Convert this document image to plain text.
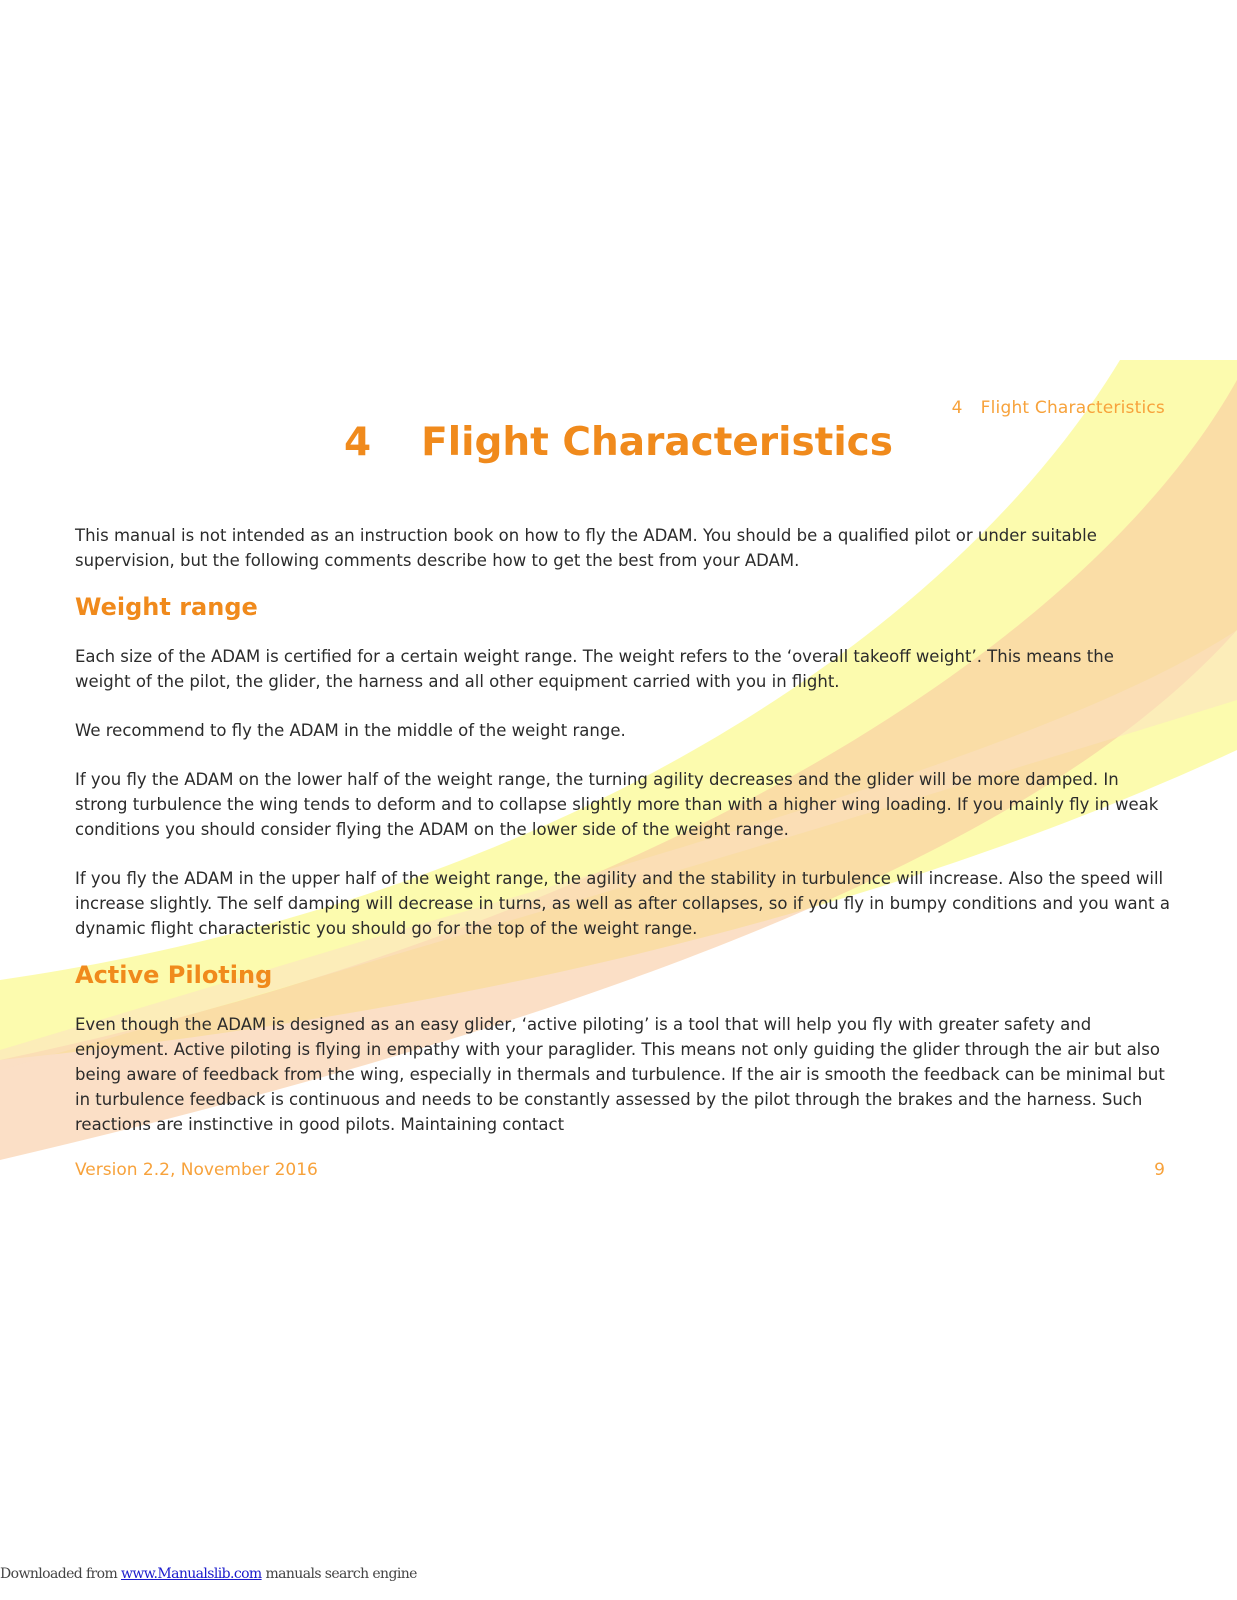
4 Flight Characteristics
4 Flight Characteristics

This manual is not intended as an instruction book on how to fly the ADAM. You should be a qualified pilot or under suitable supervision, but the following comments describe how to get the best from your ADAM.

Weight range

Each size of the ADAM is certified for a certain weight range. The weight refers to the ‘overall takeoff weight’. This means the weight of the pilot, the glider, the harness and all other equipment carried with you in flight.

We recommend to fly the ADAM in the middle of the weight range.

If you fly the ADAM on the lower half of the weight range, the turning agility decreases and the glider will be more damped. In strong turbulence the wing tends to deform and to collapse slightly more than with a higher wing loading. If you mainly fly in weak conditions you should consider flying the ADAM on the lower side of the weight range.

If you fly the ADAM in the upper half of the weight range, the agility and the stability in turbulence will increase. Also the speed will increase slightly. The self damping will decrease in turns, as well as after collapses, so if you fly in bumpy conditions and you want a dynamic flight characteristic you should go for the top of the weight range.

Active Piloting

Even though the ADAM is designed as an easy glider, ‘active piloting’ is a tool that will help you fly with greater safety and enjoyment. Active piloting is flying in empathy with your paraglider. This means not only guiding the glider through the air but also being aware of feedback from the wing, especially in thermals and turbulence. If the air is smooth the feedback can be minimal but in turbulence feedback is continuous and needs to be constantly assessed by the pilot through the brakes and the harness. Such reactions are instinctive in good pilots. Maintaining contact

Version 2.2, November 2016	9
Downloaded from www.Manualslib.com manuals search engine
